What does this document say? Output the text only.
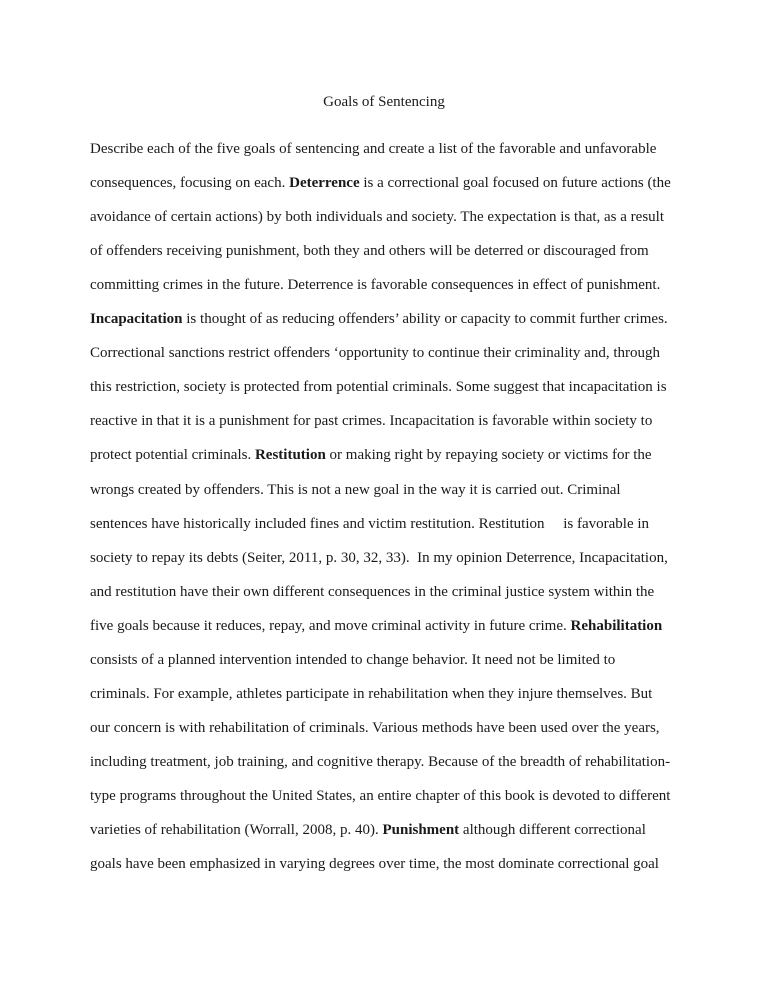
Goals of Sentencing
Describe each of the five goals of sentencing and create a list of the favorable and unfavorable
consequences, focusing on each. Deterrence is a correctional goal focused on future actions (the
avoidance of certain actions) by both individuals and society. The expectation is that, as a result
of offenders receiving punishment, both they and others will be deterred or discouraged from
committing crimes in the future. Deterrence is favorable consequences in effect of punishment.
Incapacitation is thought of as reducing offenders’ ability or capacity to commit further crimes.
Correctional sanctions restrict offenders ‘opportunity to continue their criminality and, through
this restriction, society is protected from potential criminals. Some suggest that incapacitation is
reactive in that it is a punishment for past crimes. Incapacitation is favorable within society to
protect potential criminals. Restitution or making right by repaying society or victims for the
wrongs created by offenders. This is not a new goal in the way it is carried out. Criminal
sentences have historically included fines and victim restitution. Restitution     is favorable in
society to repay its debts (Seiter, 2011, p. 30, 32, 33).  In my opinion Deterrence, Incapacitation,
and restitution have their own different consequences in the criminal justice system within the
five goals because it reduces, repay, and move criminal activity in future crime. Rehabilitation
consists of a planned intervention intended to change behavior. It need not be limited to
criminals. For example, athletes participate in rehabilitation when they injure themselves. But
our concern is with rehabilitation of criminals. Various methods have been used over the years,
including treatment, job training, and cognitive therapy. Because of the breadth of rehabilitation-
type programs throughout the United States, an entire chapter of this book is devoted to different
varieties of rehabilitation (Worrall, 2008, p. 40). Punishment although different correctional
goals have been emphasized in varying degrees over time, the most dominate correctional goal
